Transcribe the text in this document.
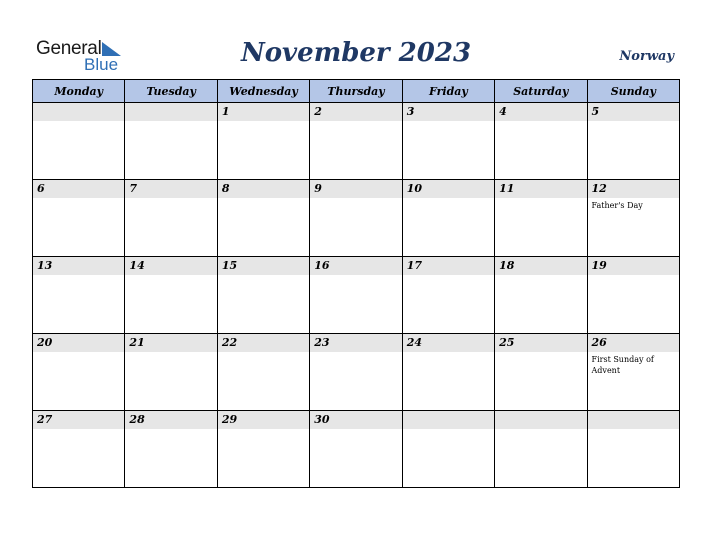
General
Blue	November 2023	Norway
Monday	Tuesday	Wednesday	Thursday	Friday	Saturday	Sunday

		1	2	3	4	5

6	7	8	9	10	11	12
Father's Day

13	14	15	16	17	18	19

20	21	22	23	24	25	26
First Sunday of Advent

27	28	29	30			
